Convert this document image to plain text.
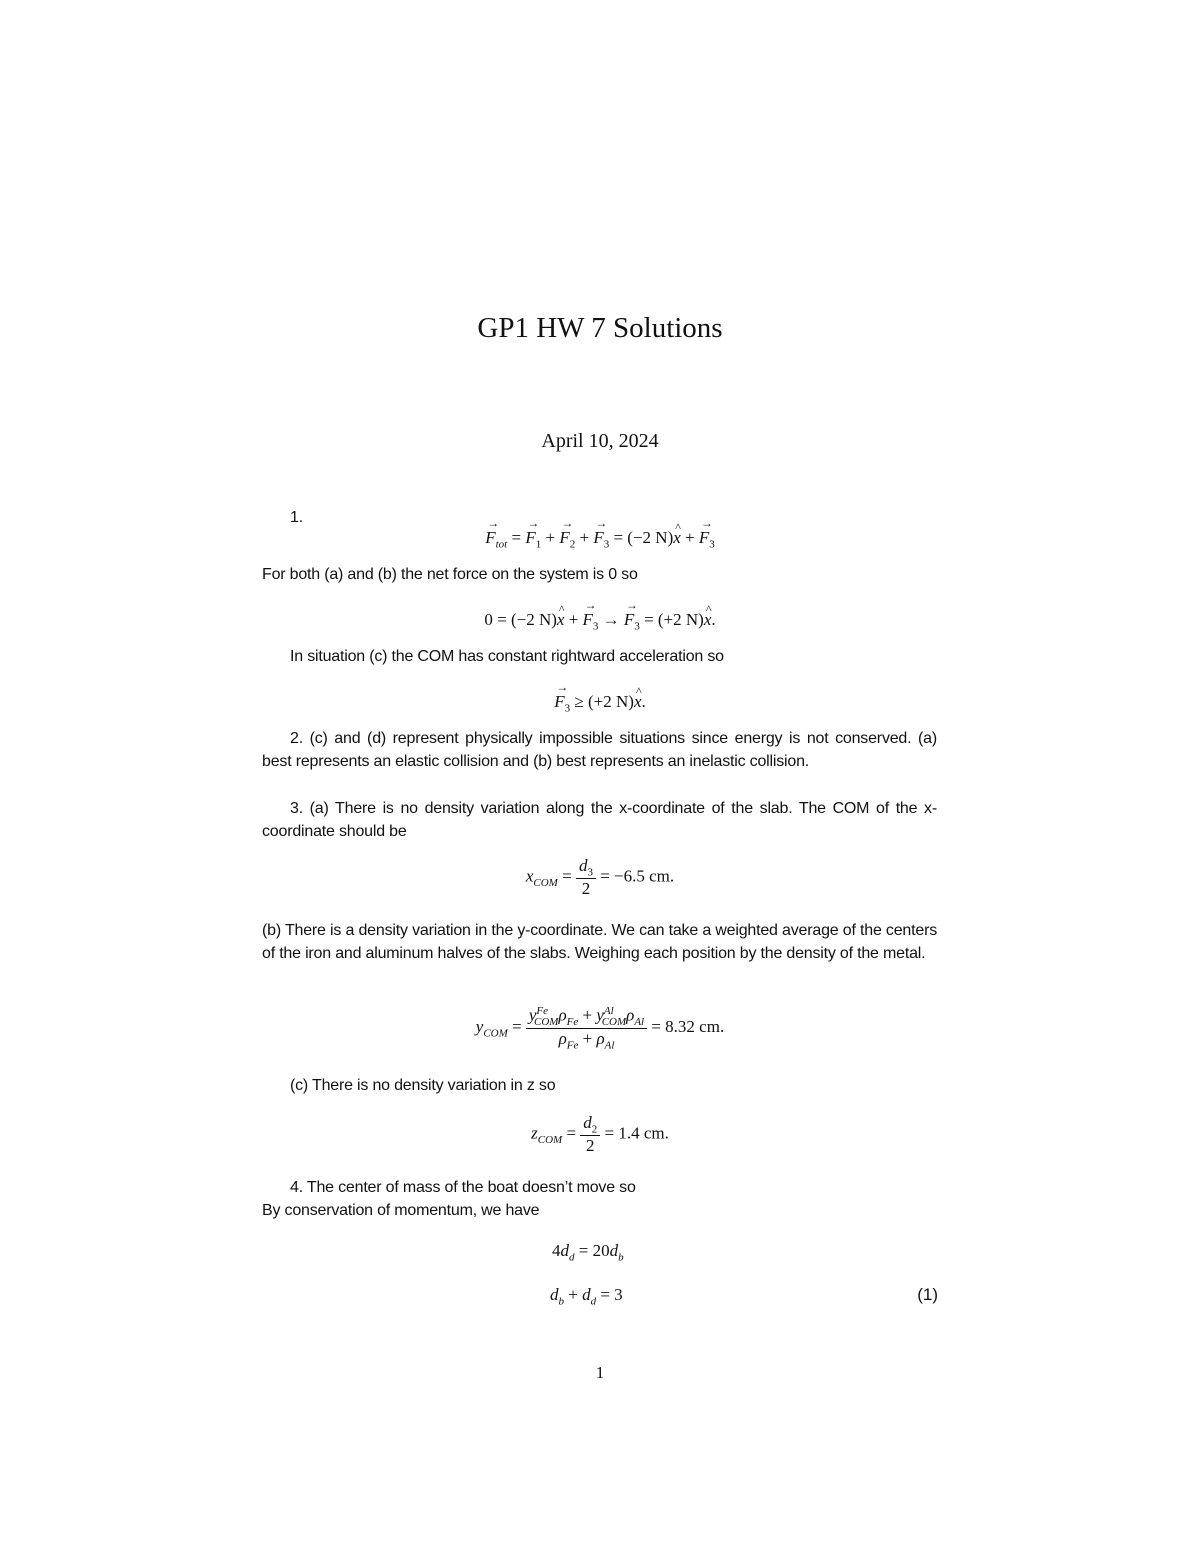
GP1 HW 7 Solutions
April 10, 2024
1.
→ $F_{tot}$ = → $F_1$ + → $F_2$ + → $F_3 = (-2$ N)^ x + → $F_3$
For both (a) and (b) the net force on the system is 0 so
0 = (−2 N)^ x + → $F_3$ → → $F_3 = (+2$ N)^ x.
In situation (c) the COM has constant rightward acceleration so
→ $F_3 \ge (+2$ N)^ x.
2. (c) and (d) represent physically impossible situations since energy is not conserved. (a) best represents an elastic collision and (b) best represents an inelastic collision.
3. (a) There is no density variation along the x-coordinate of the slab. The COM of the x-coordinate should be
$x_{COM} = \frac{d_3}{2} = -6.5$ cm.
(b) There is a density variation in the y-coordinate. We can take a weighted average of the centers of the iron and aluminum halves of the slabs. Weighing each position by the density of the metal.
$y_{COM} = \frac{y^{Fe}_{COM}\rho_{Fe} + y^{Al}_{COM}\rho_{Al}}{\rho_{Fe} + \rho_{Al}} = 8.32$ cm.
(c) There is no density variation in z so
$z_{COM} = \frac{d_2}{2} = 1.4$ cm.
4. The center of mass of the boat doesn’t move so
By conservation of momentum, we have
$4d_d = 20d_b$
$d_b + d_d = 3$	(1)
1
